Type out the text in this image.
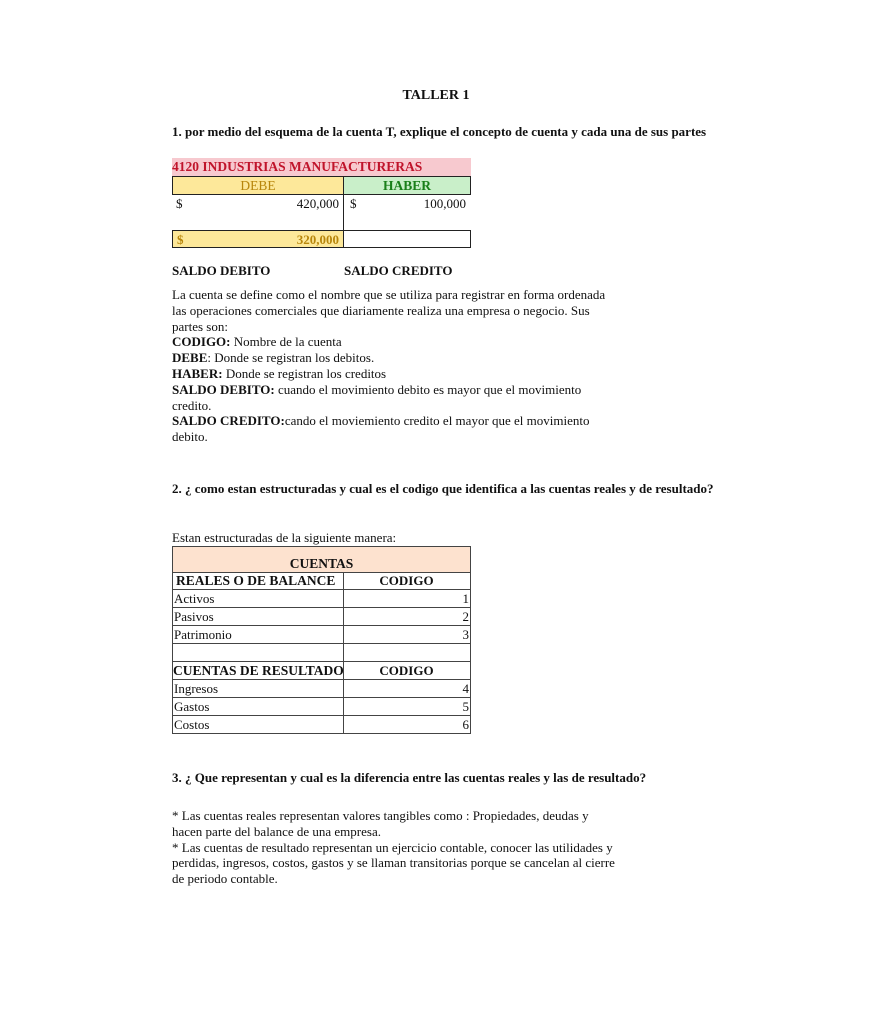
TALLER 1
1. por medio del esquema de la cuenta T, explique el concepto de cuenta y cada una de sus partes
4120 INDUSTRIAS MANUFACTURERAS
DEBE	HABER
$	420,000 $	100,000
$	320,000
SALDO DEBITO	SALDO CREDITO
La cuenta se define como el nombre que se utiliza para registrar en forma ordenada
las operaciones comerciales que diariamente realiza una empresa o negocio. Sus
partes son:
CODIGO: Nombre de la cuenta
DEBE: Donde se registran los debitos.
HABER: Donde se registran los creditos
SALDO DEBITO: cuando el movimiento debito es mayor que el movimiento
credito.
SALDO CREDITO:cando el moviemiento credito el mayor que el movimiento
debito.
2. ¿ como estan estructuradas y cual es el codigo que identifica a las cuentas reales y de resultado?
Estan estructuradas de la siguiente manera:
CUENTAS
REALES O DE BALANCE	CODIGO
Activos	1
Pasivos	2
Patrimonio	3
CUENTAS DE RESULTADO	CODIGO
Ingresos	4
Gastos	5
Costos	6
3. ¿ Que representan y cual es la diferencia entre las cuentas reales y las de resultado?
* Las cuentas reales representan valores tangibles como : Propiedades, deudas y
hacen parte del balance de una empresa.
* Las cuentas de resultado representan un ejercicio contable, conocer las utilidades y
perdidas, ingresos, costos, gastos y se llaman transitorias porque se cancelan al cierre
de periodo contable.
